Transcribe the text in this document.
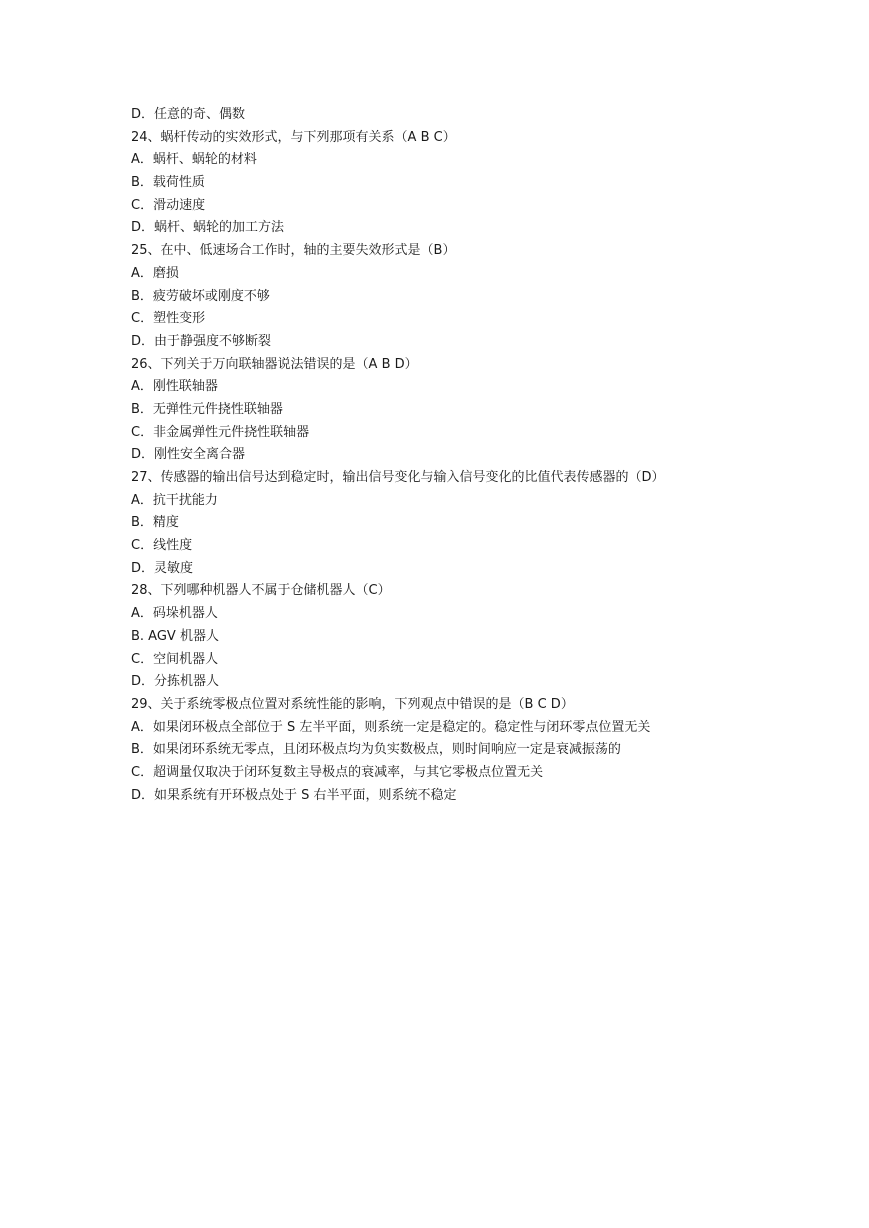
D．任意的奇、偶数
24、蜗杆传动的实效形式，与下列那项有关系（A B C）
A．蜗杆、蜗轮的材料
B．载荷性质
C．滑动速度
D．蜗杆、蜗轮的加工方法
25、在中、低速场合工作时，轴的主要失效形式是（B）
A．磨损
B．疲劳破坏或刚度不够
C．塑性变形
D．由于静强度不够断裂
26、下列关于万向联轴器说法错误的是（A B D）
A．刚性联轴器
B．无弹性元件挠性联轴器
C．非金属弹性元件挠性联轴器
D．刚性安全离合器
27、传感器的输出信号达到稳定时，输出信号变化与输入信号变化的比值代表传感器的（D）
A．抗干扰能力
B．精度
C．线性度
D．灵敏度
28、下列哪种机器人不属于仓储机器人（C）
A．码垛机器人
B. AGV 机器人
C．空间机器人
D．分拣机器人
29、关于系统零极点位置对系统性能的影响，下列观点中错误的是（B C D）
A．如果闭环极点全部位于 S 左半平面，则系统一定是稳定的。稳定性与闭环零点位置无关
B．如果闭环系统无零点，且闭环极点均为负实数极点，则时间响应一定是衰减振荡的
C．超调量仅取决于闭环复数主导极点的衰减率，与其它零极点位置无关
D．如果系统有开环极点处于 S 右半平面，则系统不稳定
